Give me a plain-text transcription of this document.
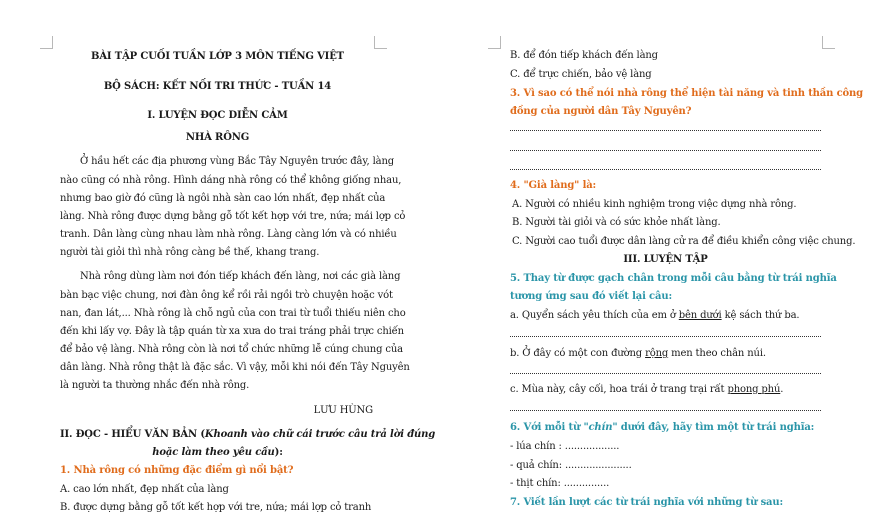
BÀI TẬP CUỐI TUẦN LỚP 3 MÔN TIẾNG VIỆT
BỘ SÁCH: KẾT NỐI TRI THỨC - TUẦN 14
I. LUYỆN ĐỌC DIỄN CẢM
NHÀ RÔNG
Ở hầu hết các địa phương vùng Bắc Tây Nguyên trước đây, làng
nào cũng có nhà rông. Hình dáng nhà rông có thể không giống nhau,
nhưng bao giờ đó cũng là ngôi nhà sàn cao lớn nhất, đẹp nhất của
làng. Nhà rông được dựng bằng gỗ tốt kết hợp với tre, nứa; mái lợp cỏ
tranh. Dân làng cùng nhau làm nhà rông. Làng càng lớn và có nhiều
người tài giỏi thì nhà rông càng bề thế, khang trang.
Nhà rông dùng làm nơi đón tiếp khách đến làng, nơi các già làng
bàn bạc việc chung, nơi đàn ông kể rồi rải ngồi trò chuyện hoặc vót
nan, đan lát,... Nhà rông là chỗ ngủ của con trai từ tuổi thiếu niên cho
đến khi lấy vợ. Đây là tập quán từ xa xưa do trai tráng phải trực chiến
để bảo vệ làng. Nhà rông còn là nơi tổ chức những lễ cúng chung của
dân làng. Nhà rông thật là đặc sắc. Vì vậy, mỗi khi nói đến Tây Nguyên
là người ta thường nhắc đến nhà rông.
LƯU HÙNG
II. ĐỌC - HIỂU VĂN BẢN (Khoanh vào chữ cái trước câu trả lời đúng
hoặc làm theo yêu cầu):
1. Nhà rông có những đặc điểm gì nổi bật?
A. cao lớn nhất, đẹp nhất của làng
B. được dựng bằng gỗ tốt kết hợp với tre, nứa; mái lợp cỏ tranh
B. để đón tiếp khách đến làng
C. để trực chiến, bảo vệ làng
3. Vì sao có thể nói nhà rông thể hiện tài năng và tinh thần công
đồng của người dân Tây Nguyên?
4. "Già làng" là:
A. Người có nhiều kinh nghiệm trong việc dựng nhà rông.
B. Người tài giỏi và có sức khỏe nhất làng.
C. Người cao tuổi được dân làng cử ra để điều khiển công việc chung.
III. LUYỆN TẬP
5. Thay từ được gạch chân trong mỗi câu bằng từ trái nghĩa
tương ứng sau đó viết lại câu:
a. Quyển sách yêu thích của em ở bên dưới kệ sách thứ ba.
b. Ở đây có một con đường rộng men theo chân núi.
c. Mùa này, cây cối, hoa trái ở trang trại rất phong phú.
6. Với mỗi từ "chín" dưới đây, hãy tìm một từ trái nghĩa:
- lúa chín : ..................
- quả chín: ......................
- thịt chín: ...............
7. Viết lần lượt các từ trái nghĩa với những từ sau:
